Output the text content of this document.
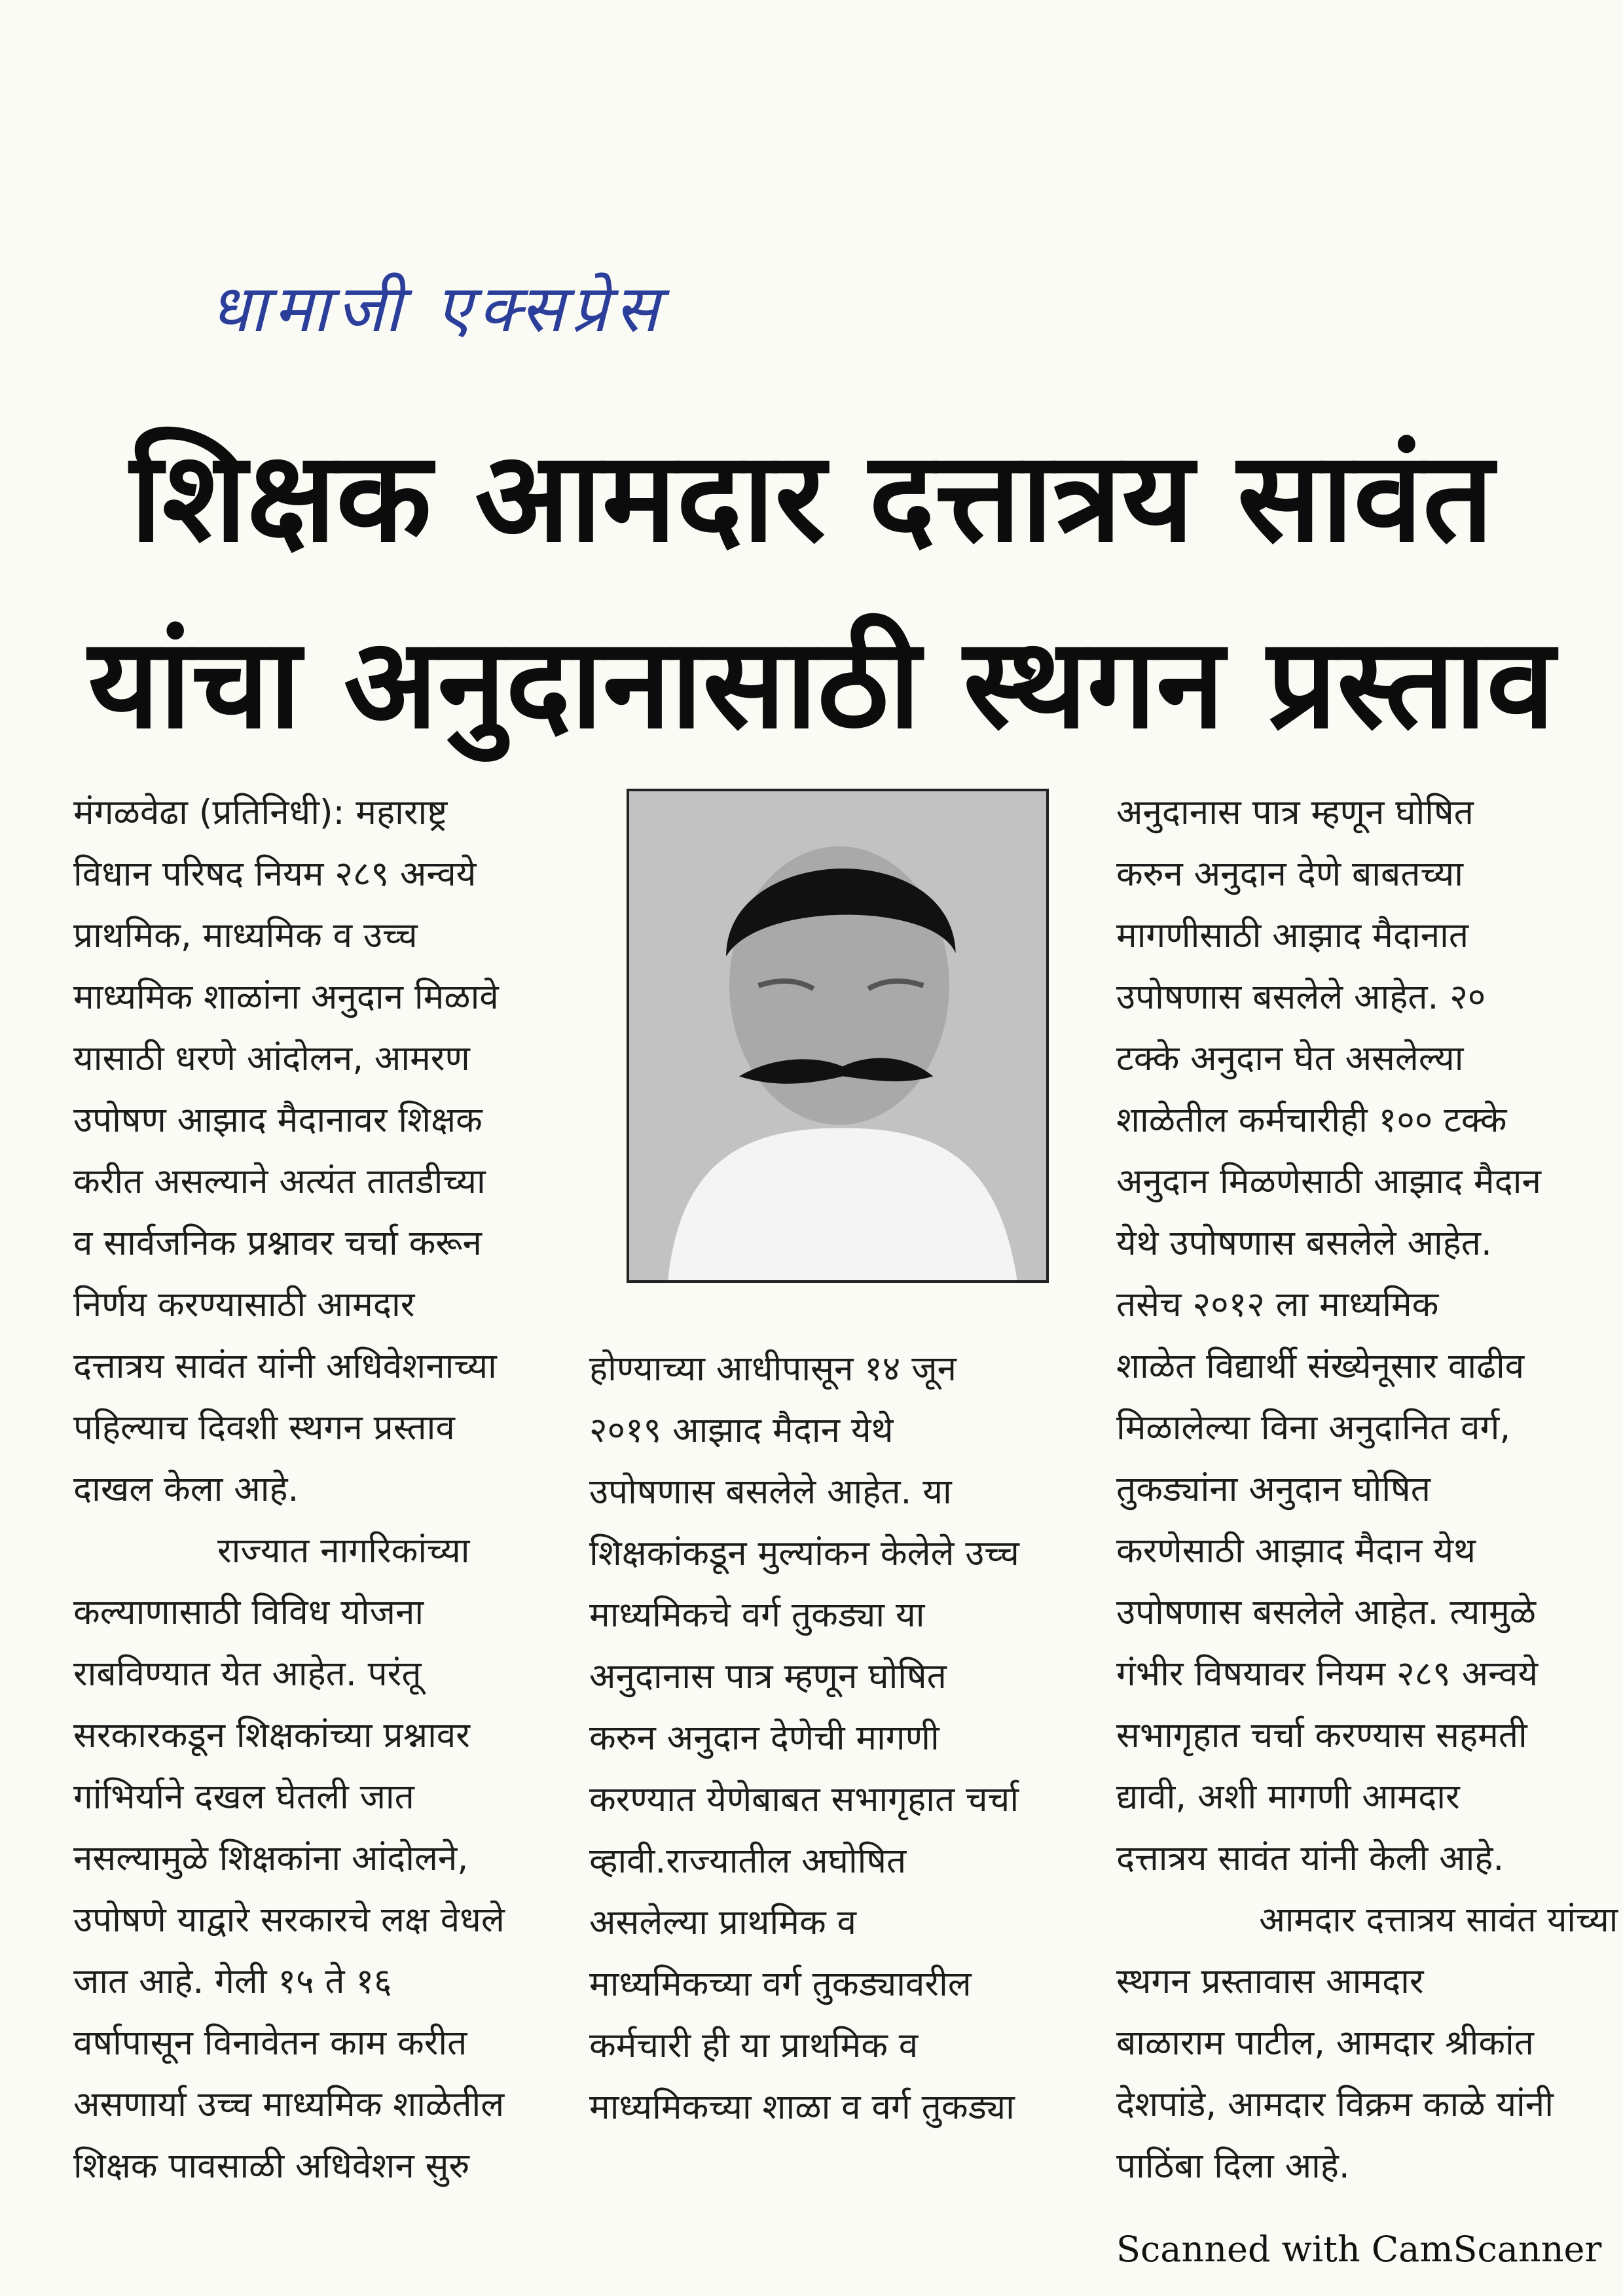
धामाजी एक्सप्रेस
शिक्षक आमदार दत्तात्रय सावंत
यांचा अनुदानासाठी स्थगन प्रस्ताव
मंगळवेढा (प्रतिनिधी): महाराष्ट्र
विधान परिषद नियम २८९ अन्वये
प्राथमिक, माध्यमिक व उच्च
माध्यमिक शाळांना अनुदान मिळावे
यासाठी धरणे आंदोलन, आमरण
उपोषण आझाद मैदानावर शिक्षक
करीत असल्याने अत्यंत तातडीच्या
व सार्वजनिक प्रश्नावर चर्चा करून
निर्णय करण्यासाठी आमदार
दत्तात्रय सावंत यांनी अधिवेशनाच्या
पहिल्याच दिवशी स्थगन प्रस्ताव
दाखल केला आहे.
राज्यात नागरिकांच्या
कल्याणासाठी विविध योजना
राबविण्यात येत आहेत. परंतू
सरकारकडून शिक्षकांच्या प्रश्नावर
गांभिर्याने दखल घेतली जात
नसल्यामुळे शिक्षकांना आंदोलने,
उपोषणे याद्वारे सरकारचे लक्ष वेधले
जात आहे. गेली १५ ते १६
वर्षापासून विनावेतन काम करीत
असणार्या उच्च माध्यमिक शाळेतील
शिक्षक पावसाळी अधिवेशन सुरु
होण्याच्या आधीपासून १४ जून
२०१९ आझाद मैदान येथे
उपोषणास बसलेले आहेत. या
शिक्षकांकडून मुल्यांकन केलेले उच्च
माध्यमिकचे वर्ग तुकड्या या
अनुदानास पात्र म्हणून घोषित
करुन अनुदान देणेची मागणी
करण्यात येणेबाबत सभागृहात चर्चा
व्हावी.राज्यातील अघोषित
असलेल्या प्राथमिक व
माध्यमिकच्या वर्ग तुकड्यावरील
कर्मचारी ही या प्राथमिक व
माध्यमिकच्या शाळा व वर्ग तुकड्या
अनुदानास पात्र म्हणून घोषित
करुन अनुदान देणे बाबतच्या
मागणीसाठी आझाद मैदानात
उपोषणास बसलेले आहेत. २०
टक्के अनुदान घेत असलेल्या
शाळेतील कर्मचारीही १०० टक्के
अनुदान मिळणेसाठी आझाद मैदान
येथे उपोषणास बसलेले आहेत.
तसेच २०१२ ला माध्यमिक
शाळेत विद्यार्थी संख्येनूसार वाढीव
मिळालेल्या विना अनुदानित वर्ग,
तुकड्यांना अनुदान घोषित
करणेसाठी आझाद मैदान येथ
उपोषणास बसलेले आहेत. त्यामुळे
गंभीर विषयावर नियम २८९ अन्वये
सभागृहात चर्चा करण्यास सहमती
द्यावी, अशी मागणी आमदार
दत्तात्रय सावंत यांनी केली आहे.
आमदार दत्तात्रय सावंत यांच्या
स्थगन प्रस्तावास आमदार
बाळाराम पाटील, आमदार श्रीकांत
देशपांडे, आमदार विक्रम काळे यांनी
पाठिंबा दिला आहे.
Scanned with CamScanner
